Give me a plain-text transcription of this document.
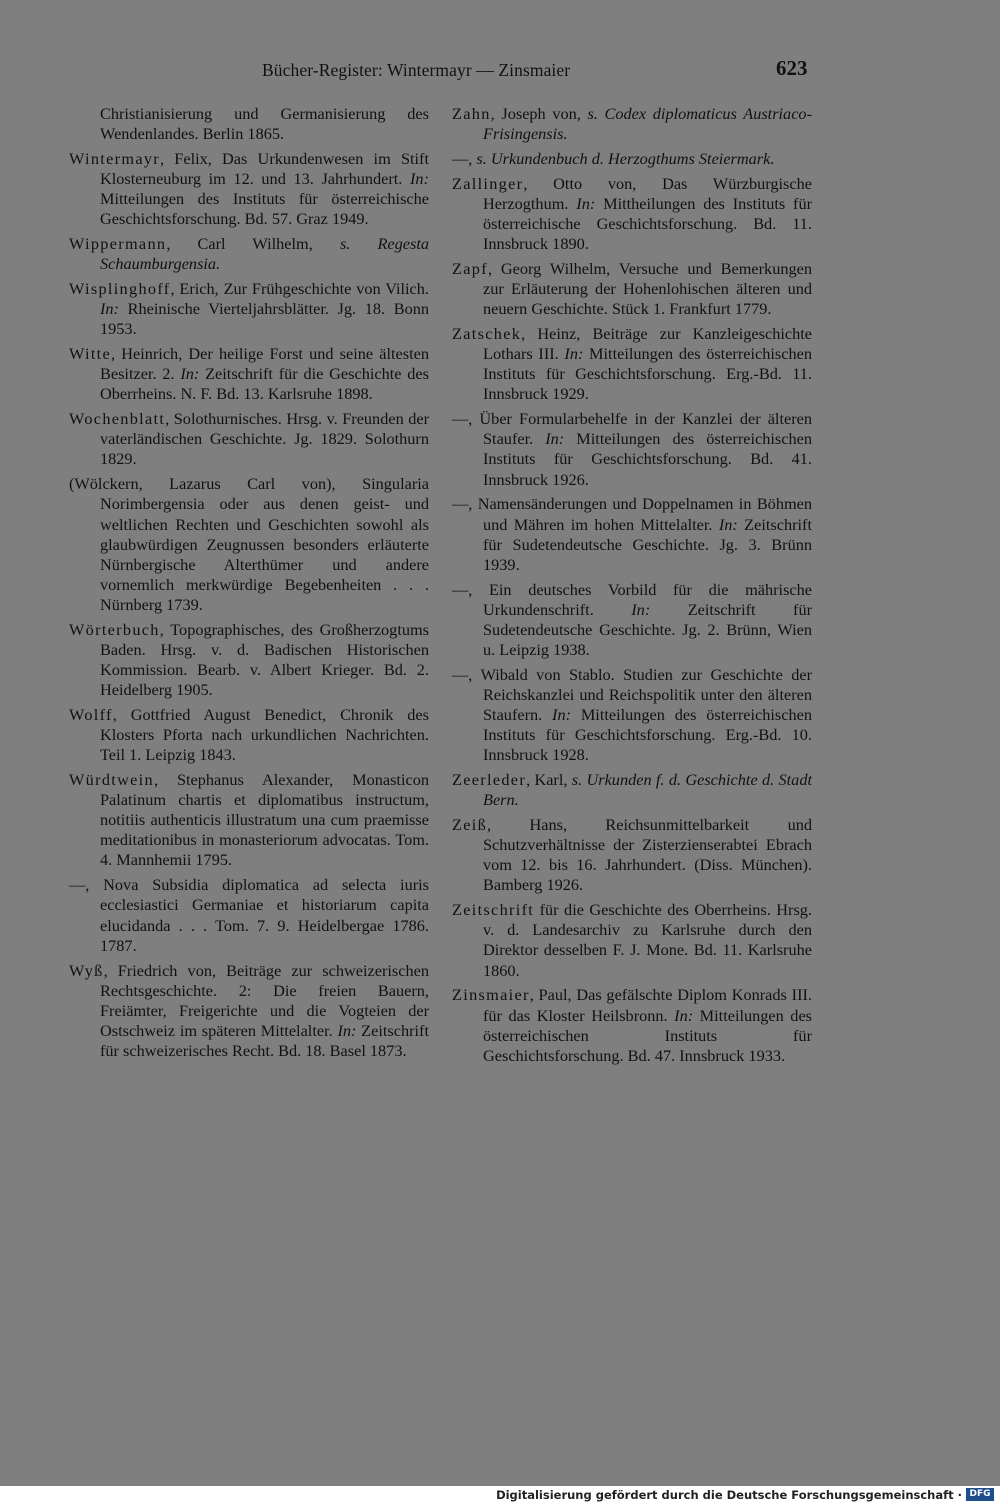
Bücher-Register: Wintermayr — Zinsmaier	623

Christianisierung und Germanisierung des Wendenlandes. Berlin 1865.

Wintermayr, Felix, Das Urkundenwesen im Stift Klosterneuburg im 12. und 13. Jahrhundert. In: Mitteilungen des Instituts für österreichische Geschichtsforschung. Bd. 57. Graz 1949.

Wippermann, Carl Wilhelm, s. Regesta Schaumburgensia.

Wisplinghoff, Erich, Zur Frühgeschichte von Vilich. In: Rheinische Vierteljahrsblätter. Jg. 18. Bonn 1953.

Witte, Heinrich, Der heilige Forst und seine ältesten Besitzer. 2. In: Zeitschrift für die Geschichte des Oberrheins. N. F. Bd. 13. Karlsruhe 1898.

Wochenblatt, Solothurnisches. Hrsg. v. Freunden der vaterländischen Geschichte. Jg. 1829. Solothurn 1829.

(Wölckern, Lazarus Carl von), Singularia Norimbergensia oder aus denen geist- und weltlichen Rechten und Geschichten sowohl als glaubwürdigen Zeugnussen besonders erläuterte Nürnbergische Alterthümer und andere vornemlich merkwürdige Begebenheiten . . . Nürnberg 1739.

Wörterbuch, Topographisches, des Großherzogtums Baden. Hrsg. v. d. Badischen Historischen Kommission. Bearb. v. Albert Krieger. Bd. 2. Heidelberg 1905.

Wolff, Gottfried August Benedict, Chronik des Klosters Pforta nach urkundlichen Nachrichten. Teil 1. Leipzig 1843.

Würdtwein, Stephanus Alexander, Monasticon Palatinum chartis et diplomatibus instructum, notitiis authenticis illustratum una cum praemisse meditationibus in monasteriorum advocatas. Tom. 4. Mannhemii 1795.

—, Nova Subsidia diplomatica ad selecta iuris ecclesiastici Germaniae et historiarum capita elucidanda . . . Tom. 7. 9. Heidelbergae 1786. 1787.

Wyß, Friedrich von, Beiträge zur schweizerischen Rechtsgeschichte. 2: Die freien Bauern, Freiämter, Freigerichte und die Vogteien der Ostschweiz im späteren Mittelalter. In: Zeitschrift für schweizerisches Recht. Bd. 18. Basel 1873.

Zahn, Joseph von, s. Codex diplomaticus Austriaco-Frisingensis.

—, s. Urkundenbuch d. Herzogthums Steiermark.

Zallinger, Otto von, Das Würzburgische Herzogthum. In: Mittheilungen des Instituts für österreichische Geschichtsforschung. Bd. 11. Innsbruck 1890.

Zapf, Georg Wilhelm, Versuche und Bemerkungen zur Erläuterung der Hohenlohischen älteren und neuern Geschichte. Stück 1. Frankfurt 1779.

Zatschek, Heinz, Beiträge zur Kanzleigeschichte Lothars III. In: Mitteilungen des österreichischen Instituts für Geschichtsforschung. Erg.-Bd. 11. Innsbruck 1929.

—, Über Formularbehelfe in der Kanzlei der älteren Staufer. In: Mitteilungen des österreichischen Instituts für Geschichtsforschung. Bd. 41. Innsbruck 1926.

—, Namensänderungen und Doppelnamen in Böhmen und Mähren im hohen Mittelalter. In: Zeitschrift für Sudetendeutsche Geschichte. Jg. 3. Brünn 1939.

—, Ein deutsches Vorbild für die mährische Urkundenschrift. In: Zeitschrift für Sudetendeutsche Geschichte. Jg. 2. Brünn, Wien u. Leipzig 1938.

—, Wibald von Stablo. Studien zur Geschichte der Reichskanzlei und Reichspolitik unter den älteren Staufern. In: Mitteilungen des österreichischen Instituts für Geschichtsforschung. Erg.-Bd. 10. Innsbruck 1928.

Zeerleder, Karl, s. Urkunden f. d. Geschichte d. Stadt Bern.

Zeiß, Hans, Reichsunmittelbarkeit und Schutzverhältnisse der Zisterzienserabtei Ebrach vom 12. bis 16. Jahrhundert. (Diss. München). Bamberg 1926.

Zeitschrift für die Geschichte des Oberrheins. Hrsg. v. d. Landesarchiv zu Karlsruhe durch den Direktor desselben F. J. Mone. Bd. 11. Karlsruhe 1860.

Zinsmaier, Paul, Das gefälschte Diplom Konrads III. für das Kloster Heilsbronn. In: Mitteilungen des österreichischen Instituts für Geschichtsforschung. Bd. 47. Innsbruck 1933.

Digitalisierung gefördert durch die Deutsche Forschungsgemeinschaft · DFG
